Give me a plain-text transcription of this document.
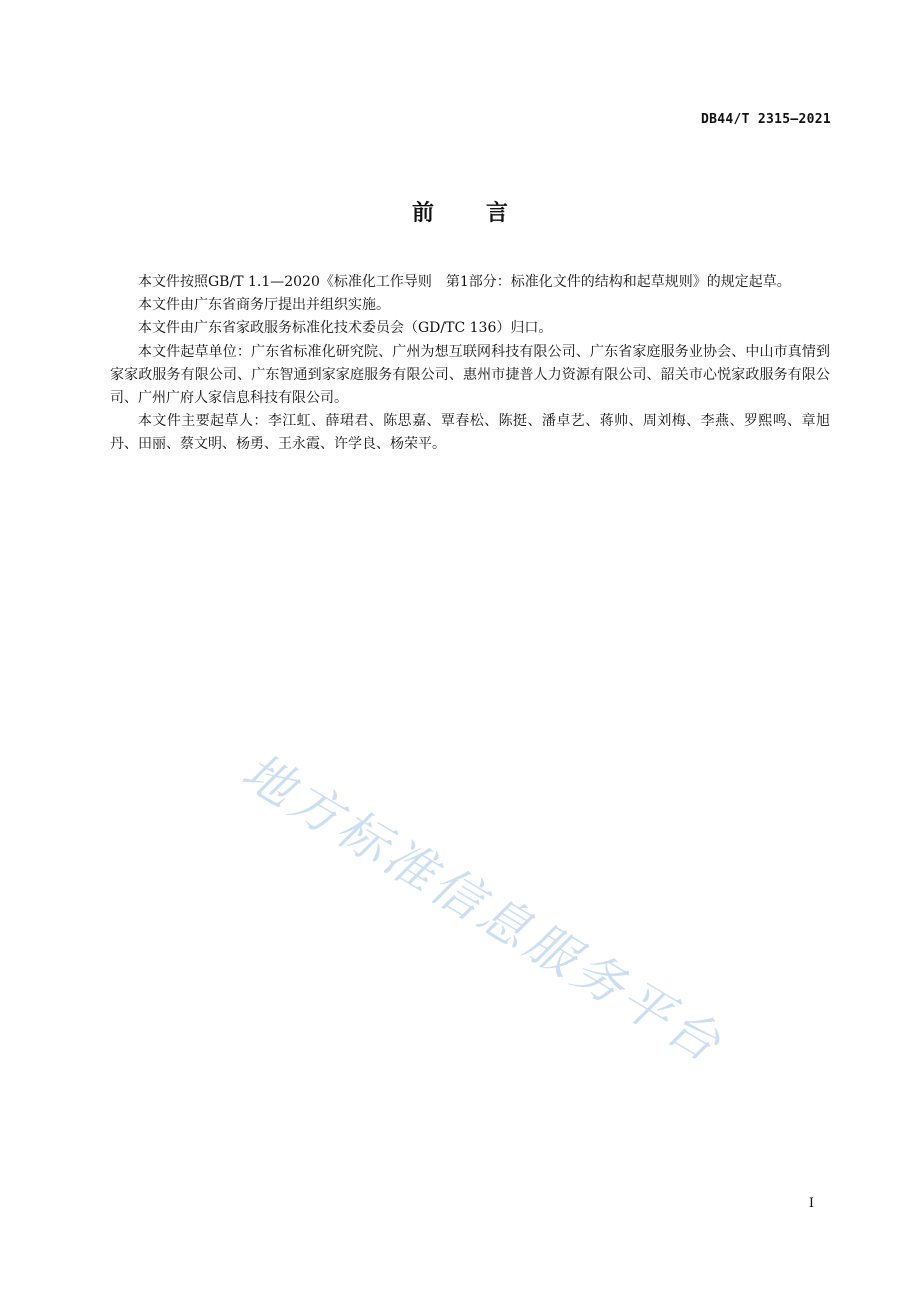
DB44/T 2315—2021
前言

本文件按照GB/T 1.1—2020《标准化工作导则　第1部分：标准化文件的结构和起草规则》的规定起草。

本文件由广东省商务厅提出并组织实施。

本文件由广东省家政服务标准化技术委员会（GD/TC 136）归口。

本文件起草单位：广东省标准化研究院、广州为想互联网科技有限公司、广东省家庭服务业协会、中山市真情到家家政服务有限公司、广东智通到家家庭服务有限公司、惠州市捷普人力资源有限公司、韶关市心悦家政服务有限公司、广州广府人家信息科技有限公司。

本文件主要起草人：李江虹、薛珺君、陈思嘉、覃春松、陈挺、潘卓艺、蒋帅、周刘梅、李燕、罗熙鸣、章旭丹、田丽、蔡文明、杨勇、王永霞、许学良、杨荣平。

地方标准信息服务平台
I
